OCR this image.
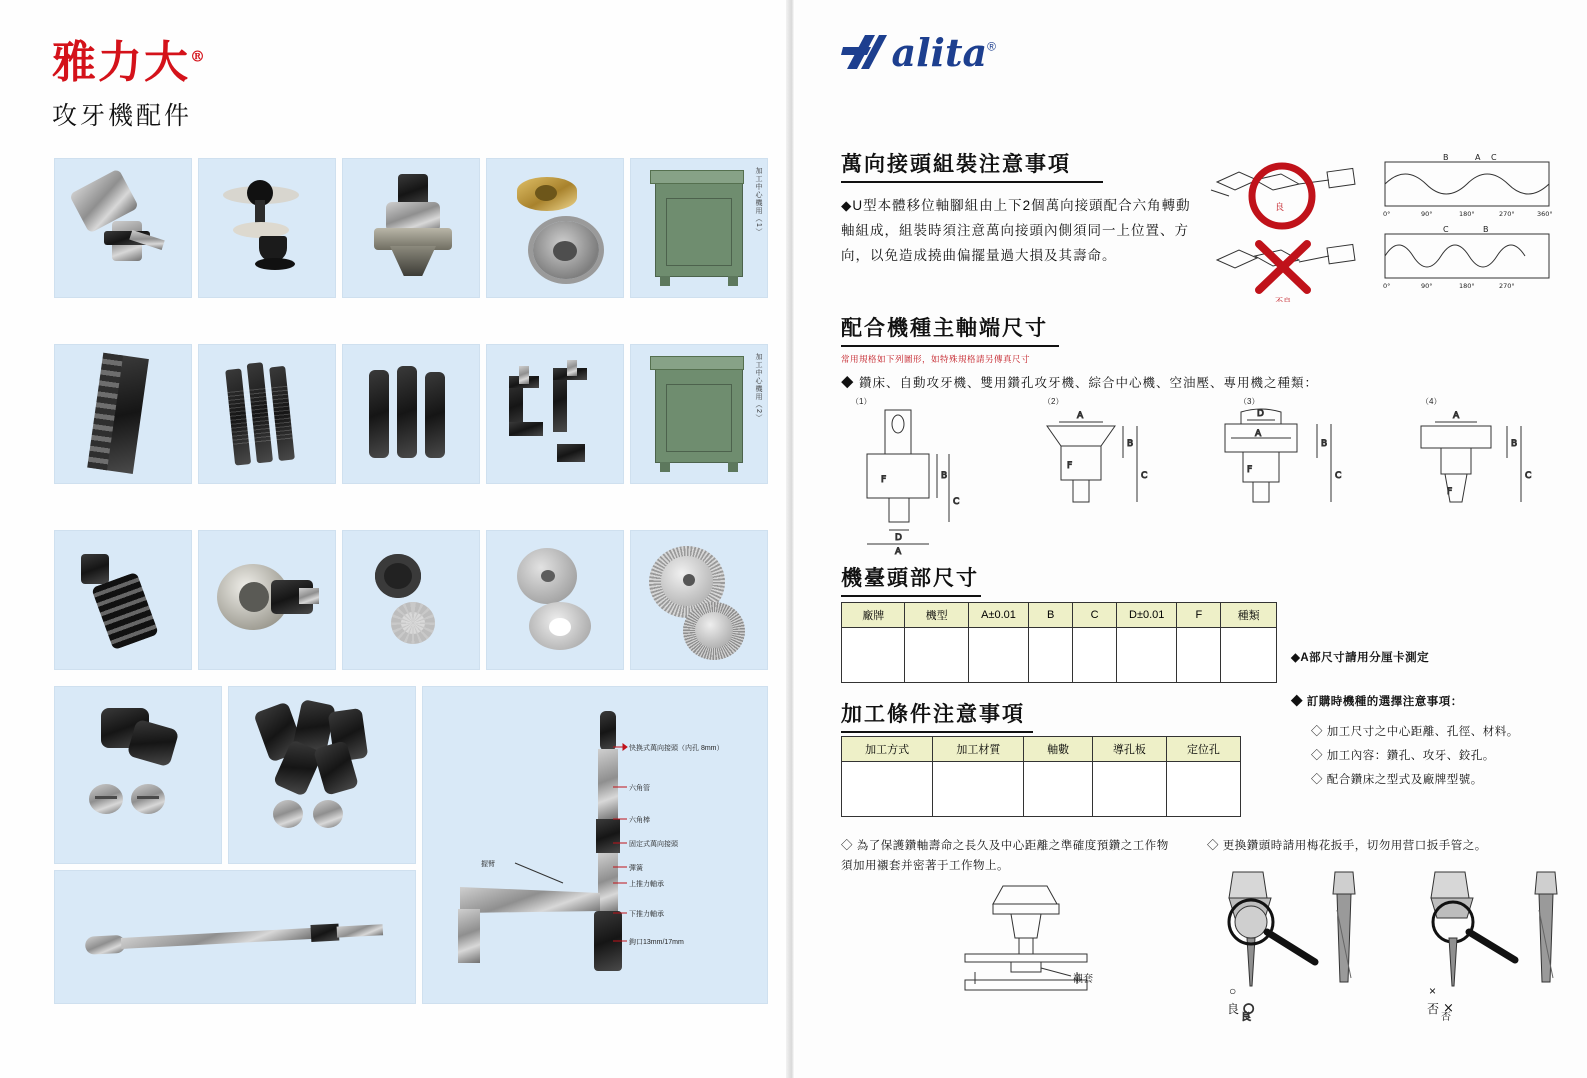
雅力大®
攻牙機配件
加工中心機用（1）
加工中心機用（2）
快换式萬向接頭（内孔 8mm）
六角管
六角棒
固定式萬向接頭
彈簧
上推力軸承
下推力軸承
鉤口13mm/17mm
握臂
alita®
萬向接頭組裝注意事項
◆U型本體移位軸腳組由上下2個萬向接頭配合六角轉動軸組成，組裝時須注意萬向接頭內側須同一上位置、方向，以免造成撓曲偏擺量過大損及其壽命。
良
不良
B	A C
0°	90°	180°	270°	360°
C	B
0°	90°	180°	270°
配合機種主軸端尺寸
常用規格如下列圖形，如特殊規格請另傳真尺寸
◆ 鑽床、自動攻牙機、雙用鑽孔攻牙機、綜合中心機、空油壓、專用機之種類：
（1）	（2）	（3）	（4）
F	B
C
D
A
F
A
B
C
F
D
A
B
C
F
A
B
C
機臺頭部尺寸
廠牌	機型	A±0.01	B	C	D±0.01	F	種類

◆A部尺寸請用分厘卡測定
◆ 訂購時機種的選擇注意事項：
◇ 加工尺寸之中心距離、孔徑、材料。
◇ 加工內容：鑽孔、攻牙、鉸孔。
◇ 配合鑽床之型式及廠牌型號。
加工條件注意事項
加工方式	加工材質	軸數	導孔板	定位孔

◇ 為了保護鑽軸壽命之長久及中心距離之準確度預鑽之工作物須加用襯套并密著于工作物上。
◇ 更換鑽頭時請用梅花扳手，切勿用营口扳手管之。
襯套
○
良
×
否
○
良
×
否
